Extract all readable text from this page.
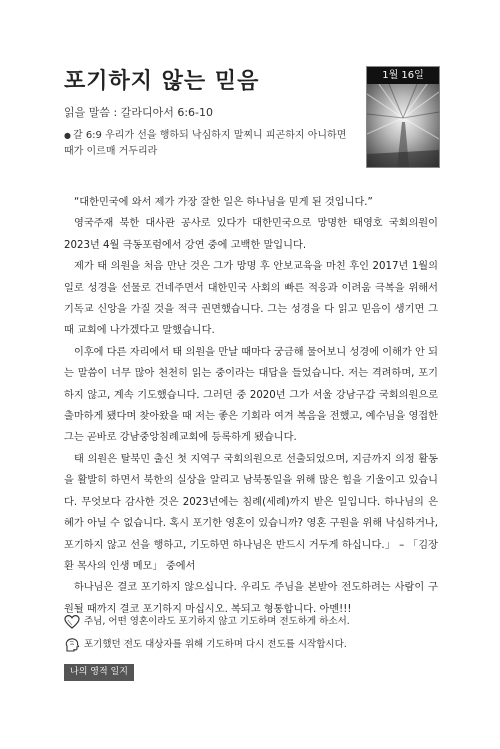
포기하지 않는 믿음
읽을 말씀 : 갈라디아서 6:6-10
● 갈 6:9 우리가 선을 행하되 낙심하지 말찌니 피곤하지 아니하면 때가 이르매 거두리라
1월 16일

“대한민국에 와서 제가 가장 잘한 일은 하나님을 믿게 된 것입니다.”

영국주재 북한 대사관 공사로 있다가 대한민국으로 망명한 태영호 국회의원이 2023년 4월 극동포럼에서 강연 중에 고백한 말입니다.

제가 태 의원을 처음 만난 것은 그가 망명 후 안보교육을 마친 후인 2017년 1월의 일로 성경을 선물로 건네주면서 대한민국 사회의 빠른 적응과 이려움 극복을 위해서 기독교 신앙을 가질 것을 적극 권면했습니다. 그는 성경을 다 읽고 믿음이 생기면 그때 교회에 나가겠다고 말했습니다.

이후에 다른 자리에서 태 의원을 만날 때마다 궁금해 물어보니 성경에 이해가 안 되는 말씀이 너무 많아 천천히 읽는 중이라는 대답을 들었습니다. 저는 격려하며, 포기하지 않고, 계속 기도했습니다. 그러던 중 2020년 그가 서울 강남구갑 국회의원으로 출마하게 됐다며 찾아왔을 때 저는 좋은 기회라 여겨 복음을 전했고, 예수님을 영접한 그는 곧바로 강남중앙침례교회에 등록하게 됐습니다.

태 의원은 탈북민 출신 첫 지역구 국회의원으로 선출되었으며, 지금까지 의정 활동을 활발히 하면서 북한의 실상을 알리고 남북통일을 위해 많은 힘을 기울이고 있습니다. 무엇보다 감사한 것은 2023년에는 침례(세례)까지 받은 일입니다. 하나님의 은혜가 아닐 수 없습니다. 혹시 포기한 영혼이 있습니까? 영혼 구원을 위해 낙심하거나, 포기하지 않고 선을 행하고, 기도하면 하나님은 반드시 거두게 하십니다.」 – 「김장환 목사의 인생 메모」 중에서

하나님은 결코 포기하지 않으십니다. 우리도 주님을 본받아 전도하려는 사람이 구원될 때까지 결코 포기하지 마십시오. 복되고 형통합니다. 아멘!!!

주님, 어떤 영혼이라도 포기하지 않고 기도하며 전도하게 하소서.
포기했던 전도 대상자를 위해 기도하며 다시 전도를 시작합시다.
나의 영적 일지
